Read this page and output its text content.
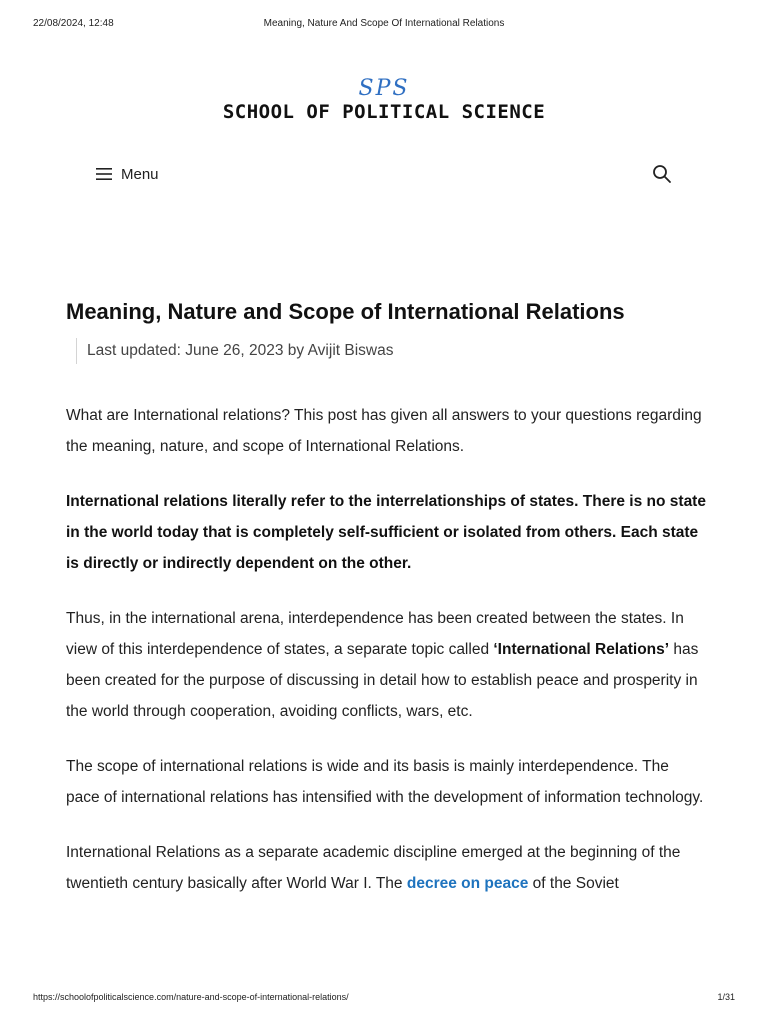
22/08/2024, 12:48	Meaning, Nature And Scope Of International Relations
SPS
SCHOOL OF POLITICAL SCIENCE
Menu
Meaning, Nature and Scope of International Relations
Last updated: June 26, 2023 by Avijit Biswas

What are International relations? This post has given all answers to your questions regarding the meaning, nature, and scope of International Relations.

International relations literally refer to the interrelationships of states. There is no state in the world today that is completely self-sufficient or isolated from others. Each state is directly or indirectly dependent on the other.

Thus, in the international arena, interdependence has been created between the states. In view of this interdependence of states, a separate topic called ‘International Relations’ has been created for the purpose of discussing in detail how to establish peace and prosperity in the world through cooperation, avoiding conflicts, wars, etc.

The scope of international relations is wide and its basis is mainly interdependence. The pace of international relations has intensified with the development of information technology.

International Relations as a separate academic discipline emerged at the beginning of the twentieth century basically after World War I. The decree on peace of the Soviet

https://schoolofpoliticalscience.com/nature-and-scope-of-international-relations/	1/31
